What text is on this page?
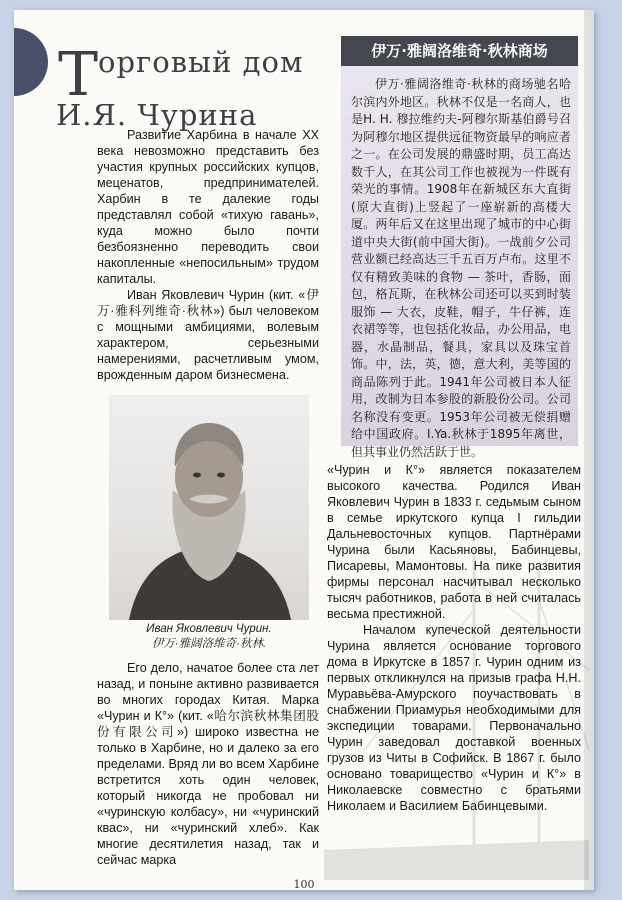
Торгoвый дом
И.Я. Чурина

Развитие Харбина в начале XX века невозможно представить без участия крупных российских купцов, меценатов, предпринимателей. Харбин в те далекие годы представлял собой «тихую гавань», куда можно было почти безбоязненно переводить свои накопленные «непосильным» трудом капиталы.

Иван Яковлевич Чурин (кит. «伊万·雅科列维奇·秋林») был человеком с мощными амбициями, волевым характером, серьезными намерениями, расчетливым умом, врожденным даром бизнесмена.

伊万·雅阔洛维奇·秋林商场
伊万·雅阔洛维奇·秋林的商场驰名哈尔滨内外地区。秋林不仅是一名商人，也是H. H. 穆拉维约夫-阿穆尔斯基伯爵号召为阿穆尔地区提供远征物资最早的响应者之一。在公司发展的鼎盛时期，员工高达数千人，在其公司工作也被视为一件既有荣光的事情。1908年在新城区东大直街(原大直街)上竖起了一座崭新的高楼大厦。两年后又在这里出现了城市的中心街道中央大街(前中国大街)。一战前夕公司营业额已经高达三千五百万卢布。这里不仅有精致美味的食物 — 茶叶，香肠，面包，格瓦斯，在秋林公司还可以买到时装服饰 — 大衣，皮鞋，帽子，牛仔裤，连衣裙等等，也包括化妆品，办公用品，电器，水晶制品，餐具，家具以及珠宝首饰。中，法，英，德，意大利，美等国的商品陈列于此。1941年公司被日本人征用，改制为日本参股的新股份公司。公司名称没有变更。1953年公司被无偿捐赠给中国政府。I.Ya.秋林于1895年离世，但其事业仍然活跃于世。
Иван Яковлевич Чурин.
伊万·雅阔洛维奇·秋林.

Его дело, начатое более ста лет назад, и поныне активно развивается во многих городах Китая. Марка «Чурин и К°» (кит. «哈尔滨秋林集团股份有限公司») широко известна не только в Харбине, но и далеко за его пределами. Вряд ли во всем Харбине встретится хоть один человек, который никогда не пробовал ни «чуринскую колбасу», ни «чуринский квас», ни «чуринский хлеб». Как многие десятилетия назад, так и сейчас марка

«Чурин и К°» является показателем высокого качества. Родился Иван Яковлевич Чурин в 1833 г. седьмым сыном в семье иркутского купца I гильдии Дальневосточных купцов. Партнёрами Чурина были Касьяновы, Бабинцевы, Писаревы, Мамонтовы. На пике развития фирмы персонал насчитывал несколько тысяч работников, работа в ней считалась весьма престижной.

Началом купеческой деятельности Чурина является основание торгового дома в Иркутске в 1857 г. Чурин одним из первых откликнулся на призыв графа Н.Н. Муравьёва-Амурского поучаствовать в снабжении Приамурья необходимыми для экспедиции товарами. Первоначально Чурин заведовал доставкой военных грузов из Читы в Софийск. В 1867 г. было основано товарищество «Чурин и К°» в Николаевске совместно с братьями Николаем и Василием Бабинцевыми.

100
